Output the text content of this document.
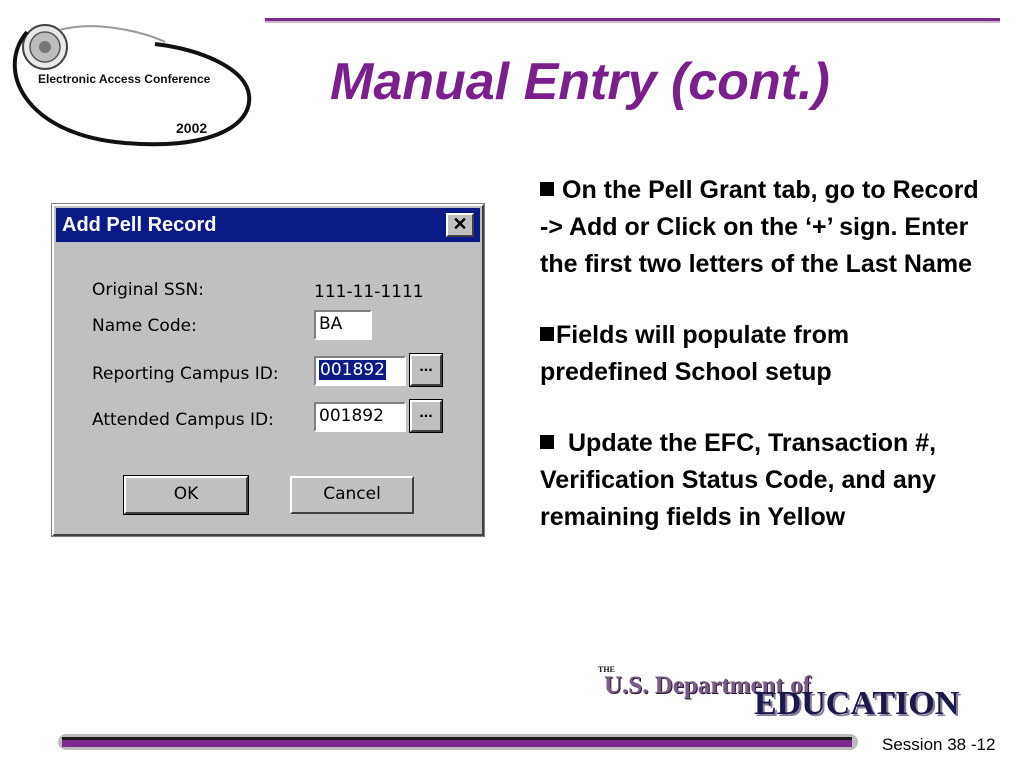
Electronic Access Conference
2002
Manual Entry (cont.)
Add Pell Record	✕
Original SSN:	111-11-1111
Name Code:	BA
Reporting Campus ID:	001892	...
Attended Campus ID:	001892	...
OK	Cancel
On the Pell Grant tab, go to Record -> Add or Click on the ‘+’ sign. Enter the first two letters of the Last Name
Fields will populate from predefined School setup
Update the EFC, Transaction #, Verification Status Code, and any remaining fields in Yellow
THE
U.S. Department of
EDUCATION
Session 38 -12
